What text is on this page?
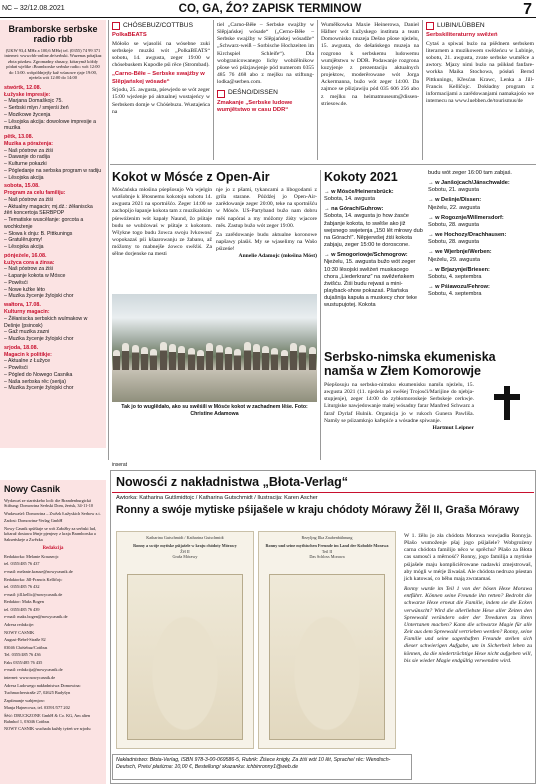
NC – 32/12.08.2021	CO, GA, ŹO? ZAPISK TERMINOW	7
Bramborske serbske radio rbb
(UKW 93,4 MHz a 100,6 MHz) tel. (0355) 74 99 371 internet: www.rbb-online.de/serbski. Wuzenas pótajkaz złota pózdaw. Zgromadny słusacy, kótarymž kóždy pódań wjelike ›Bramborske serbske radio‹ wót 12:00 do 13:00. wótpóldnjejšy kaž wśasowe rjaje 19:00, njeźela wót 12:00 do 14:00
stwórtk, 12.08.
Łužyske impresije:
– Marjana Domaškojc 75.
– Serbski mlyn / smjerśi žeń
– Mozikowe žycenja
– Lěsojska akcija: dowolowe impresije a muzika
pětk, 13.08.
Muzika a póraźenja:
– Naš póstrow za źiśi
– Dawanje do radija
– Kulturne pokazki
– Pógledanje na serbska program w radiju
– Lěsojska akcija
sobota, 15.08.
Program za celu familiju:
– Naš póstrow za źiśi
– Aktualny magacin; mj.dź.: źěłaniscka źěń koncertoja SERBPOP
– Tematiske wuscělanje: gorcota a wochłoźenje
– Słowa k dnju: B. Pittkunings
– Gratulěrujomy!
– Lěsojska akcija
pónjeźele, 16.08.
Łužyca cora a źinsa:
– Naš póstrow za źiśi
– Łapanje kokota w Mósce
– Powěsći
– Nowe łužke léto
– Muzika žycenje žylojski chor
wałtora, 17.08.
Kulturny magacin:
– Žěłaniscka serbskich wulmakow w Dešnje (psinosk)
– Gaž muzika zazni
– Muzika žycenje žylojski chor
srjoda, 18.08.
Magacin k politikje:
– Aktualne z Łužyce
– Powěsći
– Pógled do Nowego Casnika
– Naša serbska rěc (serija)
– Muzika žycenje žylojski chor
CHÓSEBUZ/COTTBUS
PolkaBEATS

Mółošo se wjasoliś na wósebne zuki serbskeje muziki wót „PolkaBEATS“ sobotu, 14. awgusta, zeger 19:00 w chósebuskem Kupodle pśi rěce (Strombad).

„Carno-Běłe – Serbske swajźby w Slěpjańskej wósade“

Srjodu, 25. awgusta, pśewjedo se wót zeger 15:00 wjeźenje pó aktualnej wustajeńcy w Serbskem domje w Chóśebuzu. Wustajeńca na

tiel „Carno-Běłe – Serbske swajźby w Slěpjańskej wósade“ („Cerno-Běłe – Serbske swajźby w Slěpjańskej wósadže“ „Schwarz-weiß – Sorbische Hochzeiten im Kirchspiel Schleife“). Dla wobgranicowanego lichy wobźělnikow pšose wó pśizjawjenje pód numerom 0355 485 76 468 abo z mejlku na stiftung-lodka@serben.com.

DEŚNO/DISSEN
Zmakanje „Serbske ludowe wumjětstwo w casu DDR“

Wumělkowka Maxie Heinerowa, Daniel Häfner wót Łužyskego instituta a team Domownisko muzeja Dešno pšose njeźelu, 15. awgusta, do dešańskego muzeja na rozgrono k serbskemu ludowemu wumjětstwu w DDR. Podawanje rozgrona kuzyjenje z prezentaciju aktualnych projektow, moderěrowane wót Jorga Ackermanna, bužo wót zeger 14:00. Da zajmce se pšizjawiju pód 035 606 256 abo z mejlku na heimatmuseum@dissen-striesow.de.

LUBIN/LÜBBEN
Serbskiliteraturny swěźeń

Cytaś a spiwaś buźo na pśědnem serbskem literarnem a muzikowem swěźeńcu w Lubinje, sobotu, 21. awgusta, zvate serbske wumělce a awtory. Mjazy nimi buźo na pśikład fanfare-workka Maika Stochowa, pósłań Bernd Pittkunings, Křesćan Krawc, Lenka a Jill-Francis Kelličojc. Dokładny program z informacijami a zarědowanjami namakajośo we internecu na www.luebben.de/tourismus/de

Kokot w Mósće z Open-Air

Mósćańska młośina pśepšosujo Wa wjelgin wutšobnje k lětosnemu kokotoju sobotu 14. awgusta 2021 na sportnišćo. Zeger 14:00 se zachopijo łapanje kokota tam z muzikalskim pśewóźenim wót kapały Naund, žo pśitaje budu se wubźowaś w pśitaje z kokotom. Wšykne togo budu žowca swoju Ivkowosć wopokazaś pśi kšaarowanju ze žabanu, až móžomy to mabnejše źowco swěźiś. Za sělne dorjenske na mesti

nje jo z pšami, tykancami a libogodami z grila starane. Późdźej jo Open-Air-zarědowanje zeger 20:00, teke na sportnišću w Mósće. US-Partyband bužo nam dobru měś napóraś a my móžomy źiśty wjacore měs. Zastup bužo wót zeger 19:00.

Za zarědowanje budu aktualne koronowe napšawy plaśiś. My se wjaselimy na Wašo pśizeńe!

Annelie Adamojc (młośina Móst)

Tak jo to wuglědało, ako su swěśili w Mósće kokot w zachadnem lěśe. Foto: Christine Adamowa
Kokoty 2021
→ w Mósće/Heinersbrück:
Sobota, 14. awgusta
→ na Górach/Guhrow:
Sobota, 14. awgusta jo how źasće žabjanje kokota, to swěše ako již wejsnego swjetenja „150 lět młrowy dub na Górach!“. Něpjerwšej źiśi kokota zabjaju, zeger 15:00 te doroscone.
→ w Smogoriowje/Schmogrow:
Njeźelu, 15. awgusta bužo wót zeger 10:30 lěsojski swěźeń muskacego chora „Liederkranz“ na swěźeńskem źwišću. Źiśi budu rejwaś a mini-playback-show pokazaś. Pšańska dujašnija kapuła a muskecy chor teke wustupujotej. Kokota
budu wót zeger 16:00 tam zabjaś.
→ w Janšojcach/Jänschwalde:
Sobotu, 21. awgusta
→ w Dešnje/Dissen:
Njeźelu, 22. awgusta
→ w Rogoznje/Willmersdorf:
Sobotu, 28. awgusta
→ we Hochozy/Drachhausen:
Sobotu, 28. awgusta
→ we Wjerbnje/Werben:
Njeźelu, 29. awgusta
→ w Brjazynje/Briesen:
Sobotu, 4. septembra
→ w Pśiawozu/Fehrow:
Sobotu, 4. septembra
Serbsko-nimska ekumeniska namša w Złem Komorowje

Pśepšosuju na serbsko-nimsku ekumenisku namšu njeźelu, 15. awgusta 2021 (11. njeźela pó swěśej Trojosći/Marijine do njebja-stupjenje), zeger 14:00 do zybłomoroskeje Serbskeje cerkwje. Liturgiske nawjedowanje małej wósadny farar Manfred Schwarz a farař Dyrlaf Hulnik. Organicja jo w rukoch Gunera Pawliša. Namšy se pśizamknjo kafepiće a wósadne spiwanje.

Hartmut Leipner

inserat
Nowy Casnik

Wydawaś ze starńskeho lodi: die Brandenburgická Stiftung: Domowina Serbski Dom, žertsk, 34-11-10

Wudawaśel: Domowina – Zwězk Łužyskich Serbow z.t.

Zadost: Domowina-Verlag GmbH

Nowy Casnik spśištaje se wót Załožby za serbski lud, kótaraž dostawa lětnje pjenjezy z kraja Bramborska a Sakseńskeje a Zwězka

Redakcija

Redaktorka: Melanie Krauseojc

tel. 0355/485 76 437

e-mail: melanie.krause@nowycasnik.de

Redaktorka: Jill-Francis Kelličojc

tel. 0355/485 76 432

e-mail: jill.kellic@nowycasnik.de

Redaktor: Maks Bogen

tel. 0355/485 76 439

e-mail: maks.bogen@nowycasnik.de

Adresa redakcije:

NOWY CASNIK

August-Bebel-Straße 82

03046 Chóśebuz/Cottbus

Tel. 0355/485 76 436

Faks 0355/485 76 435

e-mail: redakcija@nowycasnik.de

internet: www.nowycasnik.de

Adresa Ludowego nakładnistwa Domowina:

Tuchmacherstraße 27, 02625 Budyšyn

Zapśimanje wabjenjow:

Manja Hajnecowa, tel. 03591/577 202

Šěść: DRUCKZONE GmbH & Co. KG, Am alten Bahnhof 1, 03046 Cottbus

NOWY CASNIK wuchada kuždy tyźeń we srjodu

Nowosći z nakładnistwa „Błota-Verlag“
Awtorka: Katharina Gutšmidtojc / Katharina Gutschmidt / Ilustracija: Karen Ascher
Ronny a swóje mytiske pśijašele w kraju chódoty Mórawy Žěl II, Graša Mórawy
Katharina Gutschmidt / Katharina Gutschmidt
Ronny a swóje mytiske pśijašele w kraju chódoty Mórawy
Žěl II
Graša Mórawy
Rezyljng Ilka Zaubenbühnung
Ronny und seine mythischen Freunde im Land der Kobolde Morawa
Teil II
Das Schloss Morawa

W 1. žělu jo zła chódota Morawa wuwjadła Ronnyja. Pšašo wumoženje pšaj jogo pśijašele? Wobgroźeny carna chódota familijo něco w sprěchu? Pšašo za Błota cas samosći a měrność? Ronny, jogo familija a mytiske pśijašele maju kompliciěrowane nadawki zmejstrowaš, aby mógli w mérje žiwaśaš. Ale chódota nedruzo pśestan jich katowaś, co běhu mają zwratamaś.

Ronny wurde im Teil 1 von der bösen Hexe Morawa entführt. Können seine Freunde ihn retten? Bedroht die schwarze Hexe erneut die Familie, indem sie die Ecken verwünscht? Wird die allerliebste Hexe aller Zeiten den Spreewald verändern oder der Treeduren zu ihren Untertanen machen? Kann die schwarze Magie für alle Zeit aus dem Spreewald vertrieben werden? Ronny, seine Familie und seine sagenhaften Freunde stellen sich dieser schwierigen Aufgabe, um in Sicherheit leben zu können, da die niederträchtige Hexe nicht aufgeben will, bis sie wieder Magie endgültig verwenden wird.

Nakładnistwo: Błota-Verlag, ISBN 978-3-00-069586-5, Rubrik: Źiśece knigły, Za źiśi wót 10 lět, Sprache/ rěc: Wendisch-Deutsch, Preis/ płaśizna: 10,00 €, Bestellung/ skazanka: ichbinronny1@web.de
